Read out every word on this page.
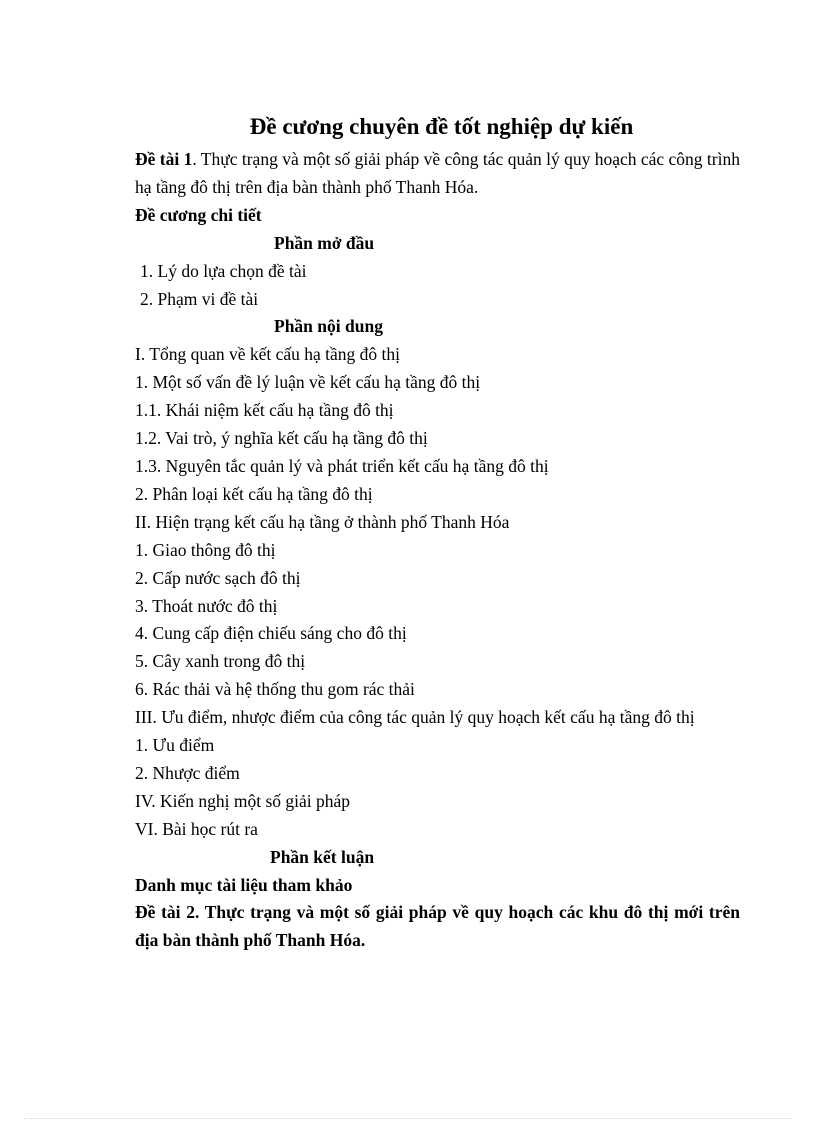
Đề cương chuyên đề tốt nghiệp dự kiến
Đề tài 1. Thực trạng và một số giải pháp về công tác quản lý quy hoạch các công trình hạ tầng đô thị trên địa bàn thành phố Thanh Hóa.
Đề cương chi tiết
Phần mở đầu
1. Lý do lựa chọn đề tài
2. Phạm vi đề tài
Phần nội dung
I. Tổng quan về kết cấu hạ tầng đô thị
1. Một số vấn đề lý luận về kết cấu hạ tầng đô thị
1.1. Khái niệm kết cấu hạ tầng đô thị
1.2. Vai trò, ý nghĩa kết cấu hạ tầng đô thị
1.3. Nguyên tắc quản lý và phát triển kết cấu hạ tầng đô thị
2. Phân loại kết cấu hạ tầng đô thị
II. Hiện trạng kết cấu hạ tầng ở thành phố Thanh Hóa
1. Giao thông đô thị
2. Cấp nước sạch đô thị
3. Thoát nước đô thị
4. Cung cấp điện chiếu sáng cho đô thị
5. Cây xanh trong đô thị
6. Rác thải và hệ thống thu gom rác thải
III. Ưu điểm, nhược điểm của công tác quản lý quy hoạch kết cấu hạ tầng đô thị
1. Ưu điểm
2. Nhược điểm
IV. Kiến nghị một số giải pháp
VI. Bài học rút ra
Phần kết luận
Danh mục tài liệu tham khảo
Đề tài 2. Thực trạng và một số giải pháp về quy hoạch các khu đô thị mới trên địa bàn thành phố Thanh Hóa.
